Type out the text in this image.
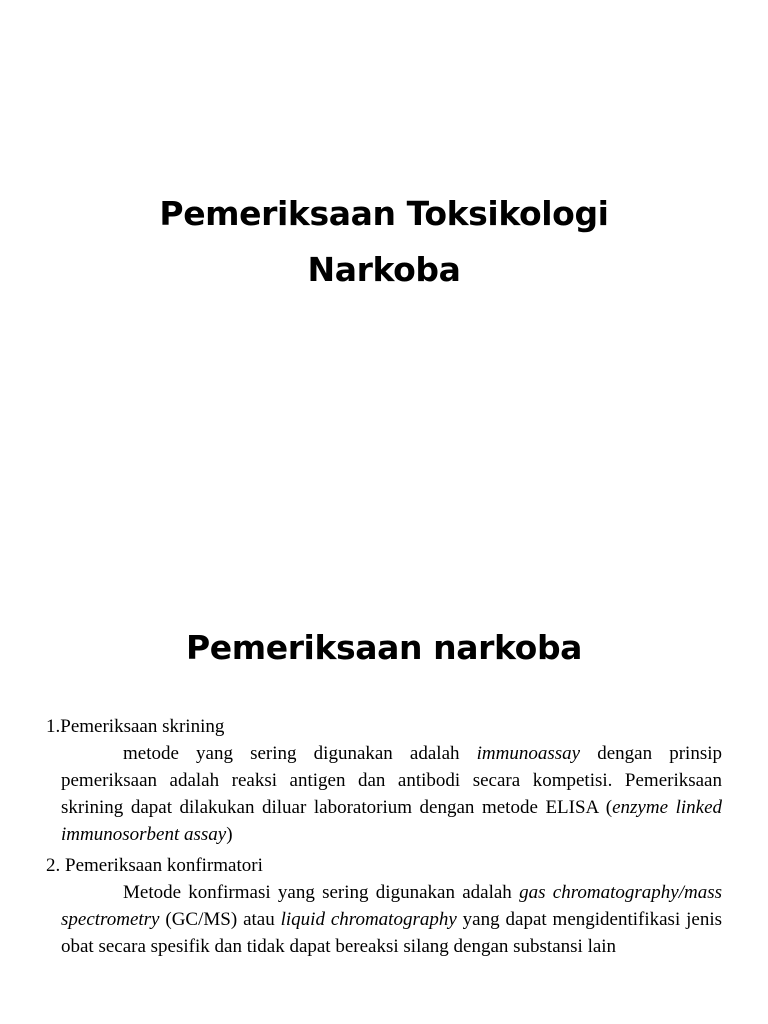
Pemeriksaan Toksikologi
Narkoba
Pemeriksaan narkoba

1.Pemeriksaan skrining

metode yang sering digunakan adalah immunoassay dengan prinsip pemeriksaan adalah reaksi antigen dan antibodi secara kompetisi. Pemeriksaan skrining dapat dilakukan diluar laboratorium dengan metode ELISA (enzyme linked immunosorbent assay)

2. Pemeriksaan konfirmatori

Metode konfirmasi yang sering digunakan adalah gas chromatography/mass spectrometry (GC/MS) atau liquid chromatography yang dapat mengidentifikasi jenis obat secara spesifik dan tidak dapat bereaksi silang dengan substansi lain
